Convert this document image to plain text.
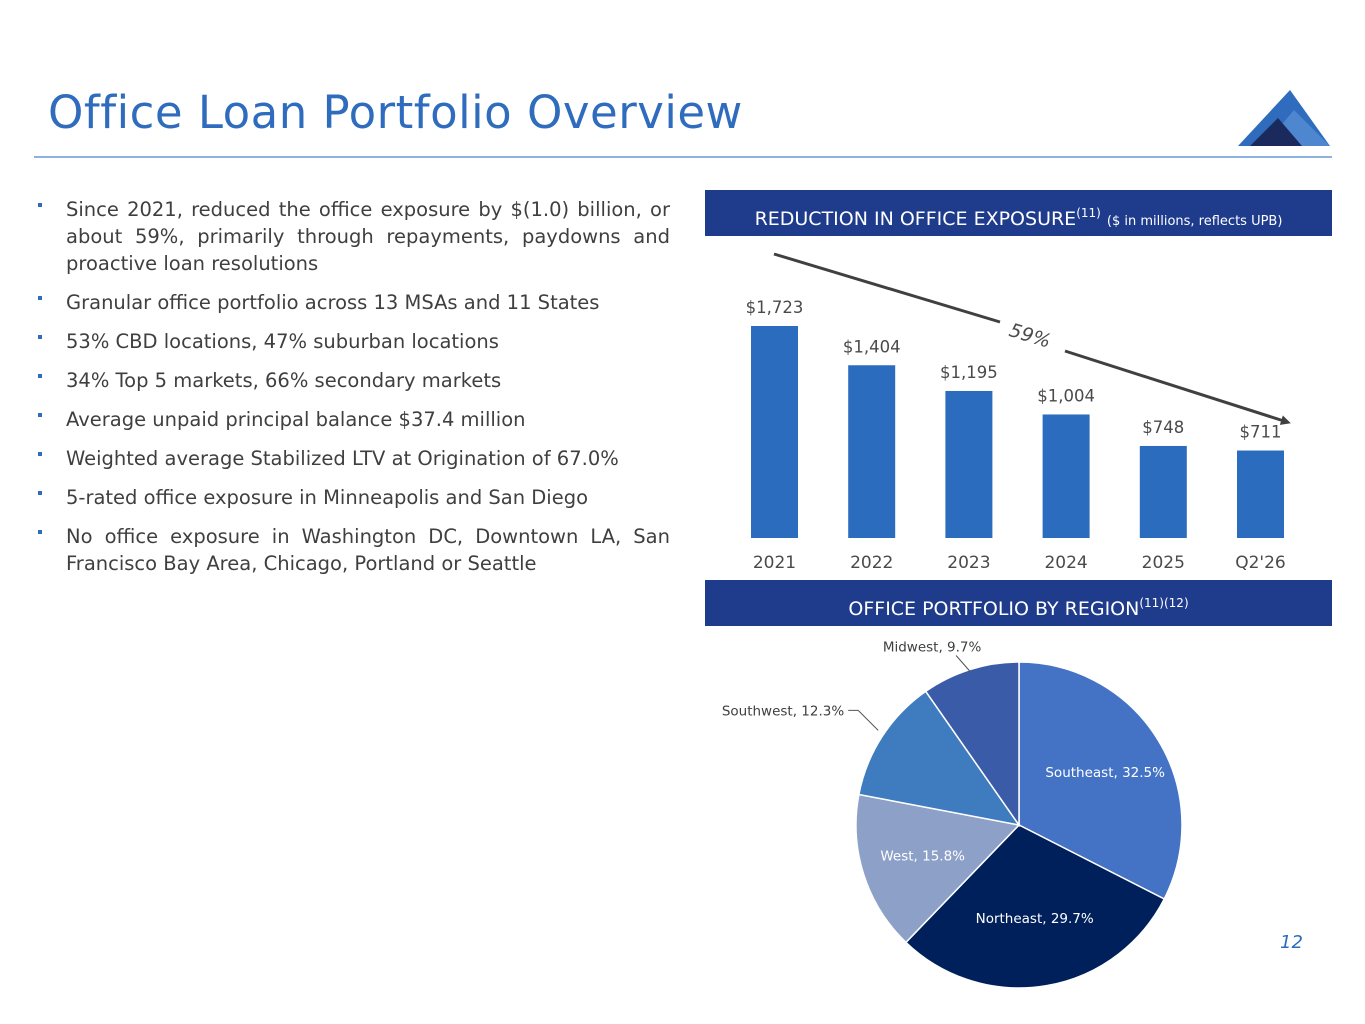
Office Loan Portfolio Overview
Since 2021, reduced the office exposure by $(1.0) billion, or about 59%, primarily through repayments, paydowns and proactive loan resolutions
Granular office portfolio across 13 MSAs and 11 States
53% CBD locations, 47% suburban locations
34% Top 5 markets, 66% secondary markets
Average unpaid principal balance $37.4 million
Weighted average Stabilized LTV at Origination of 67.0%
5-rated office exposure in Minneapolis and San Diego
No office exposure in Washington DC, Downtown LA, San Francisco Bay Area, Chicago, Portland or Seattle
REDUCTION IN OFFICE EXPOSURE$^{(11)}$ ($ in millions, reflects UPB)
$1,723
2021
$1,404
2022
$1,195
2023
$1,004
2024
$748
2025
$711
Q2'26
59%
OFFICE PORTFOLIO BY $REGION^{(11)(12)}$
Southeast, 32.5%
Northeast, 29.7%
West, 15.8%
Southwest, 12.3%
Midwest, 9.7%
12
